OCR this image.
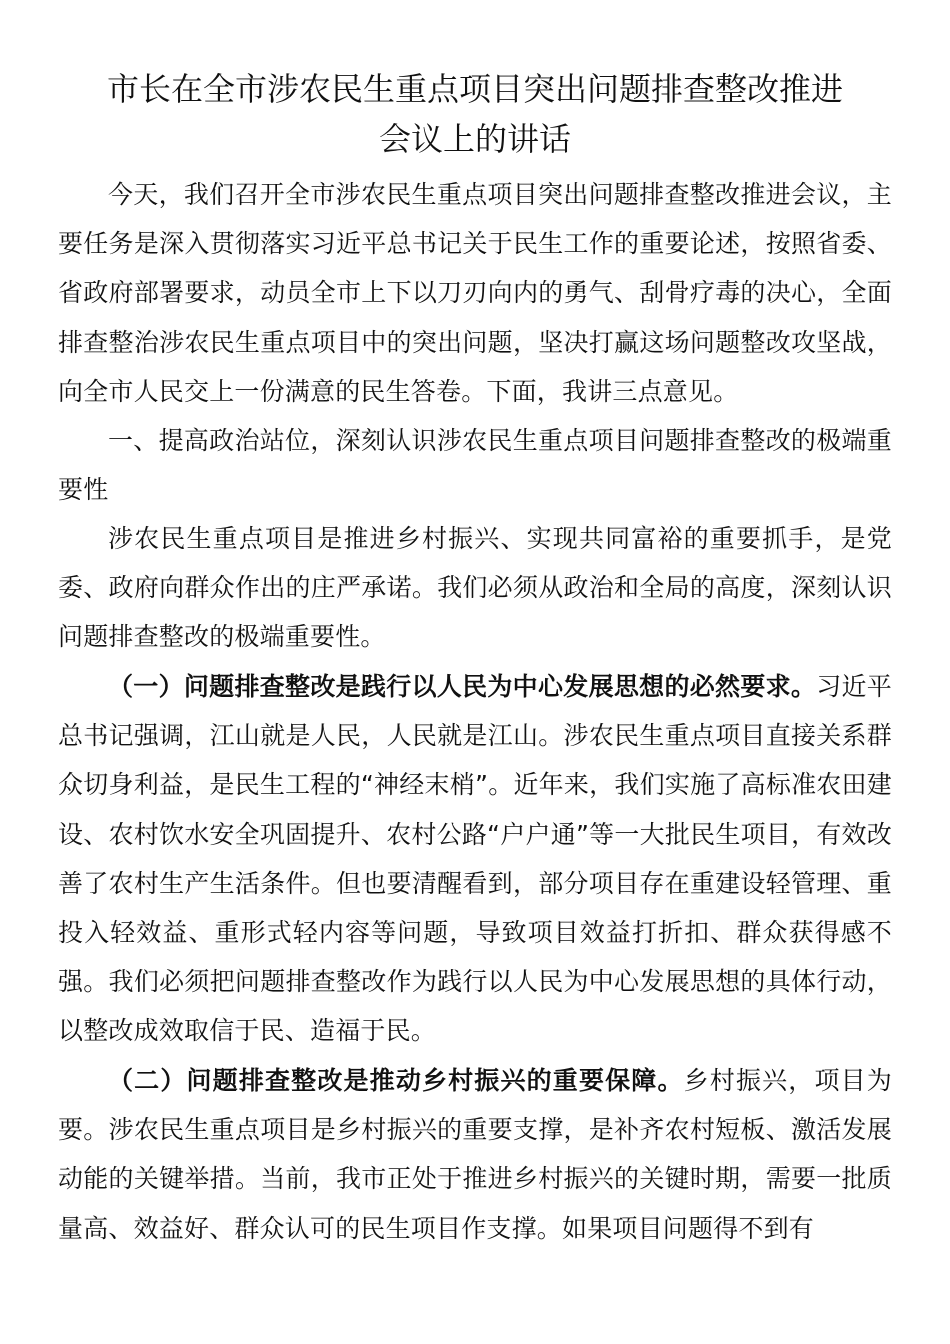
市长在全市涉农民生重点项目突出问题排查整改推进
会议上的讲话

今天，我们召开全市涉农民生重点项目突出问题排查整改推进会议，主要任务是深入贯彻落实习近平总书记关于民生工作的重要论述，按照省委、省政府部署要求，动员全市上下以刀刃向内的勇气、刮骨疗毒的决心，全面排查整治涉农民生重点项目中的突出问题，坚决打赢这场问题整改攻坚战，向全市人民交上一份满意的民生答卷。下面，我讲三点意见。

一、提高政治站位，深刻认识涉农民生重点项目问题排查整改的极端重要性

涉农民生重点项目是推进乡村振兴、实现共同富裕的重要抓手，是党委、政府向群众作出的庄严承诺。我们必须从政治和全局的高度，深刻认识问题排查整改的极端重要性。

（一）问题排查整改是践行以人民为中心发展思想的必然要求。习近平总书记强调，江山就是人民，人民就是江山。涉农民生重点项目直接关系群众切身利益，是民生工程的“神经末梢”。近年来，我们实施了高标准农田建设、农村饮水安全巩固提升、农村公路“户户通”等一大批民生项目，有效改善了农村生产生活条件。但也要清醒看到，部分项目存在重建设轻管理、重投入轻效益、重形式轻内容等问题，导致项目效益打折扣、群众获得感不强。我们必须把问题排查整改作为践行以人民为中心发展思想的具体行动，以整改成效取信于民、造福于民。

（二）问题排查整改是推动乡村振兴的重要保障。乡村振兴，项目为要。涉农民生重点项目是乡村振兴的重要支撑，是补齐农村短板、激活发展动能的关键举措。当前，我市正处于推进乡村振兴的关键时期，需要一批质量高、效益好、群众认可的民生项目作支撑。如果项目问题得不到有
